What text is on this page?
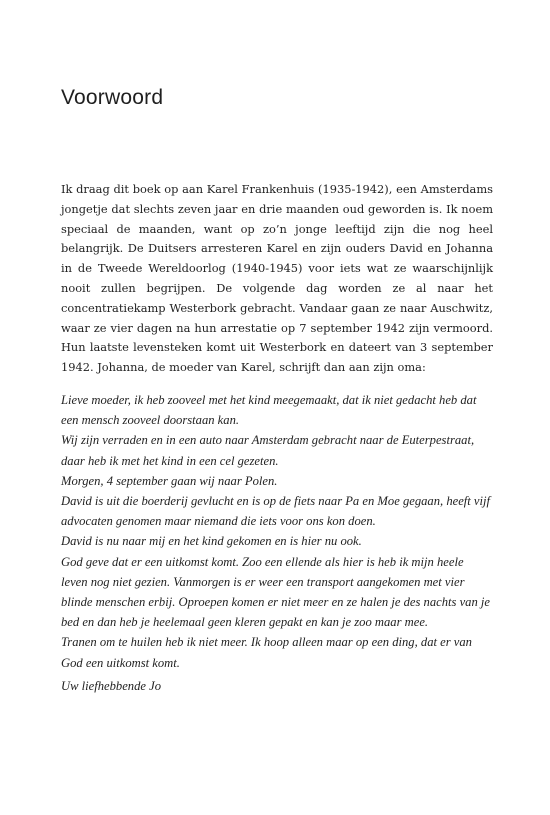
Voorwoord

Ik draag dit boek op aan Karel Frankenhuis (1935-1942), een Amsterdams jongetje dat slechts zeven jaar en drie maanden oud geworden is. Ik noem speciaal de maanden, want op zo’n jonge leeftijd zijn die nog heel belangrijk. De Duitsers arresteren Karel en zijn ouders David en Johanna in de Tweede Wereldoorlog (1940-1945) voor iets wat ze waarschijnlijk nooit zullen begrijpen. De volgende dag worden ze al naar het concentratiekamp Westerbork gebracht. Vandaar gaan ze naar Auschwitz, waar ze vier dagen na hun arrestatie op 7 september 1942 zijn vermoord. Hun laatste levensteken komt uit Westerbork en dateert van 3 september 1942. Johanna, de moeder van Karel, schrijft dan aan zijn oma:

Lieve moeder, ik heb zooveel met het kind meegemaakt, dat ik niet gedacht heb dat een mensch zooveel doorstaan kan.

Wij zijn verraden en in een auto naar Amsterdam gebracht naar de Euterpestraat, daar heb ik met het kind in een cel gezeten.

Morgen, 4 september gaan wij naar Polen.

David is uit die boerderij gevlucht en is op de fiets naar Pa en Moe gegaan, heeft vijf advocaten genomen maar niemand die iets voor ons kon doen.

David is nu naar mij en het kind gekomen en is hier nu ook.

God geve dat er een uitkomst komt. Zoo een ellende als hier is heb ik mijn heele leven nog niet gezien. Vanmorgen is er weer een transport aangekomen met vier blinde menschen erbij. Oproepen komen er niet meer en ze halen je des nachts van je bed en dan heb je heelemaal geen kleren gepakt en kan je zoo maar mee.

Tranen om te huilen heb ik niet meer. Ik hoop alleen maar op een ding, dat er van God een uitkomst komt.

Uw liefhebbende Jo
